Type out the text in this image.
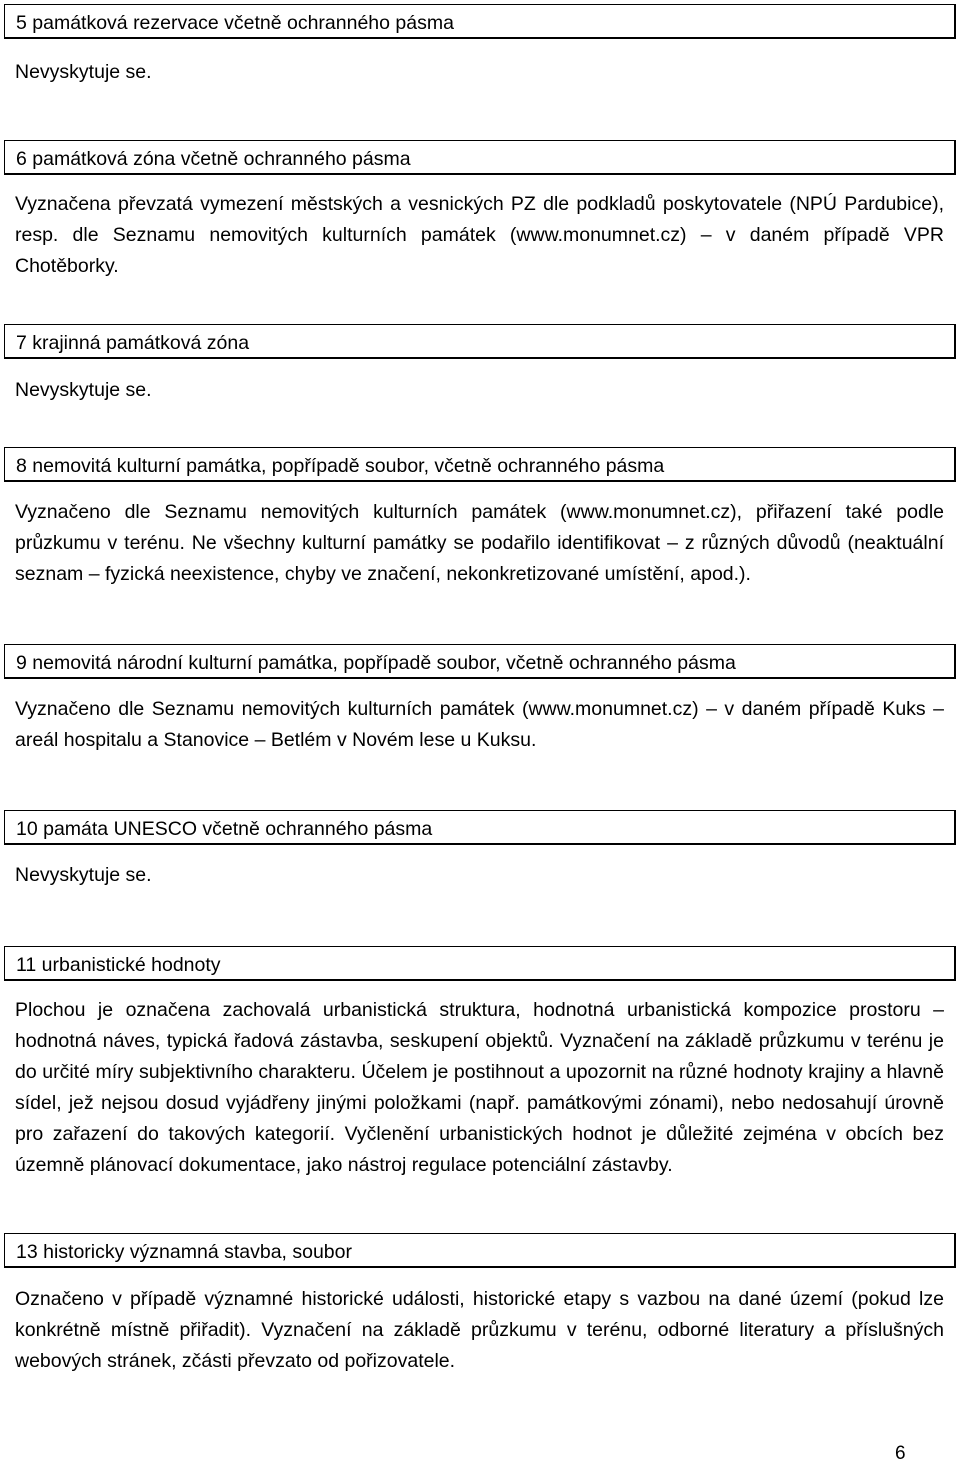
5 památková rezervace včetně ochranného pásma
Nevyskytuje se.
6 památková zóna včetně ochranného pásma
Vyznačena převzatá vymezení městských a vesnických PZ dle podkladů poskytovatele (NPÚ Pardubice), resp. dle Seznamu nemovitých kulturních památek (www.monumnet.cz) – v daném případě VPR Chotěborky.
7 krajinná památková zóna
Nevyskytuje se.
8 nemovitá kulturní památka, popřípadě soubor, včetně ochranného pásma
Vyznačeno dle Seznamu nemovitých kulturních památek (www.monumnet.cz), přiřazení také podle průzkumu v terénu. Ne všechny kulturní památky se podařilo identifikovat – z různých důvodů (neaktuální seznam – fyzická neexistence, chyby ve značení, nekonkretizované umístění, apod.).
9 nemovitá národní kulturní památka, popřípadě soubor, včetně ochranného pásma
Vyznačeno dle Seznamu nemovitých kulturních památek (www.monumnet.cz) – v daném případě Kuks – areál hospitalu a Stanovice – Betlém v Novém lese u Kuksu.
10 památa UNESCO včetně ochranného pásma
Nevyskytuje se.
11 urbanistické hodnoty
Plochou je označena zachovalá urbanistická struktura, hodnotná urbanistická kompozice prostoru – hodnotná náves, typická řadová zástavba, seskupení objektů. Vyznačení na základě průzkumu v terénu je do určité míry subjektivního charakteru. Účelem je postihnout a upozornit na různé hodnoty krajiny a hlavně sídel, jež nejsou dosud vyjádřeny jinými položkami (např. památkovými zónami), nebo nedosahují úrovně pro zařazení do takových kategorií. Vyčlenění urbanistických hodnot je důležité zejména v obcích bez územně plánovací dokumentace, jako nástroj regulace potenciální zástavby.
13 historicky významná stavba, soubor
Označeno v případě významné historické události, historické etapy s vazbou na dané území (pokud lze konkrétně místně přiřadit). Vyznačení na základě průzkumu v terénu, odborné literatury a příslušných webových stránek, zčásti převzato od pořizovatele.
6
